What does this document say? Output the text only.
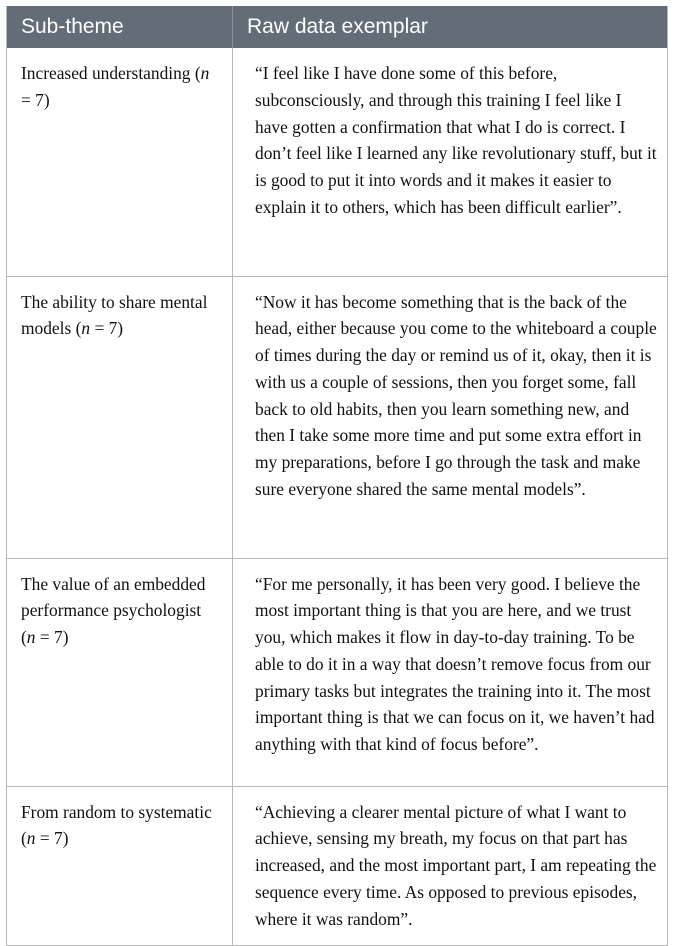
Sub-theme	Raw data exemplar
Increased understanding (n = 7)	“I feel like I have done some of this before, subconsciously, and through this training I feel like I have gotten a confirmation that what I do is correct. I don’t feel like I learned any like revolutionary stuff, but it is good to put it into words and it makes it easier to explain it to others, which has been difficult earlier”.
The ability to share mental models (n = 7)	“Now it has become something that is the back of the head, either because you come to the whiteboard a couple of times during the day or remind us of it, okay, then it is with us a couple of sessions, then you forget some, fall back to old habits, then you learn something new, and then I take some more time and put some extra effort in my preparations, before I go through the task and make sure everyone shared the same mental models”.
The value of an embedded performance psychologist (n = 7)	“For me personally, it has been very good. I believe the most important thing is that you are here, and we trust you, which makes it flow in day-to-day training. To be able to do it in a way that doesn’t remove focus from our primary tasks but integrates the training into it. The most important thing is that we can focus on it, we haven’t had anything with that kind of focus before”.
From random to systematic (n = 7)	“Achieving a clearer mental picture of what I want to achieve, sensing my breath, my focus on that part has increased, and the most important part, I am repeating the sequence every time. As opposed to previous episodes, where it was random”.
